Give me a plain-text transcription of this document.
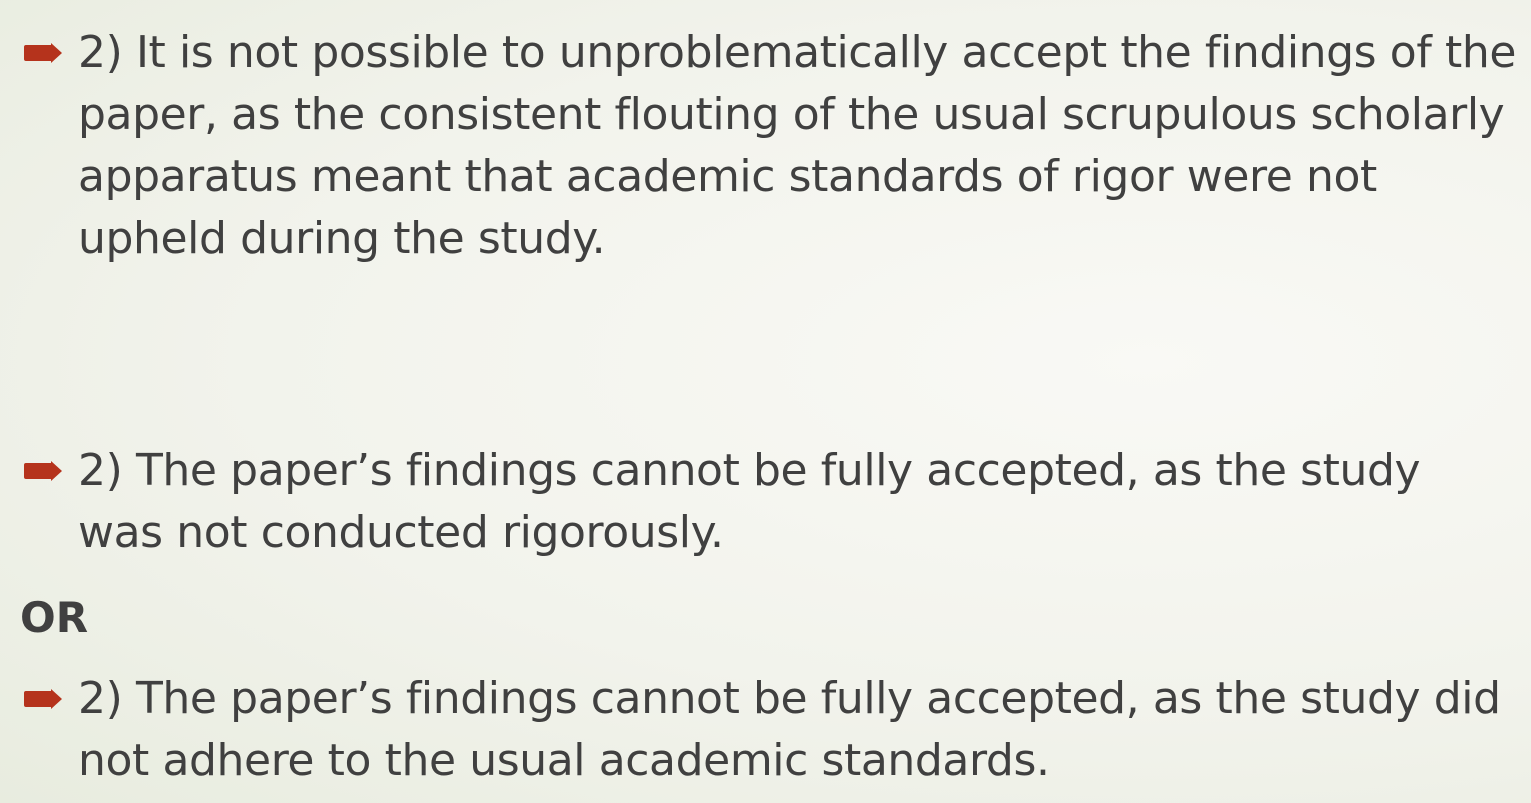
2) It is not possible to unproblematically accept the findings of the paper, as the consistent flouting of the usual scrupulous scholarly apparatus meant that academic standards of rigor were not upheld during the study.
2) The paper’s findings cannot be fully accepted, as the study was not conducted rigorously.
OR
2) The paper’s findings cannot be fully accepted, as the study did not adhere to the usual academic standards.
